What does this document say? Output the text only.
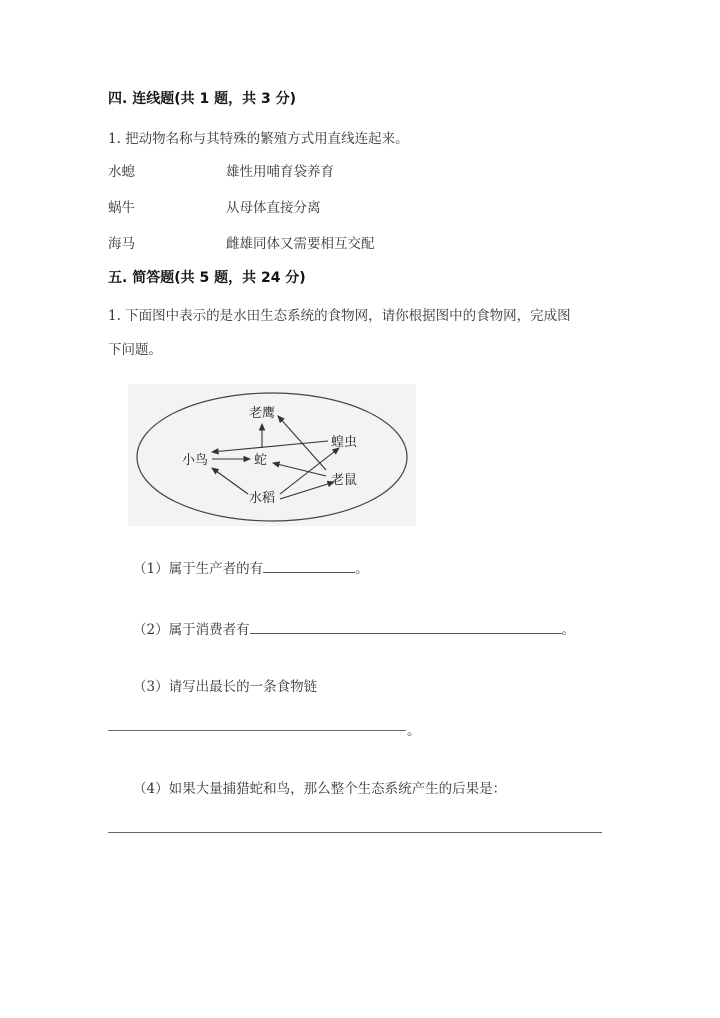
四. 连线题(共 1 题，共 3 分)
1. 把动物名称与其特殊的繁殖方式用直线连起来。
水螅	雄性用哺育袋养育
蜗牛	从母体直接分离
海马	雌雄同体又需要相互交配
五. 简答题(共 5 题，共 24 分)
1. 下面图中表示的是水田生态系统的食物网，请你根据图中的食物网，完成图
下问题。
老鹰
小鸟	蛇
蝗虫
老鼠
水稻
（1）属于生产者的有	。
（2）属于消费者有	。
（3）请写出最长的一条食物链
。
（4）如果大量捕猎蛇和鸟，那么整个生态系统产生的后果是：
